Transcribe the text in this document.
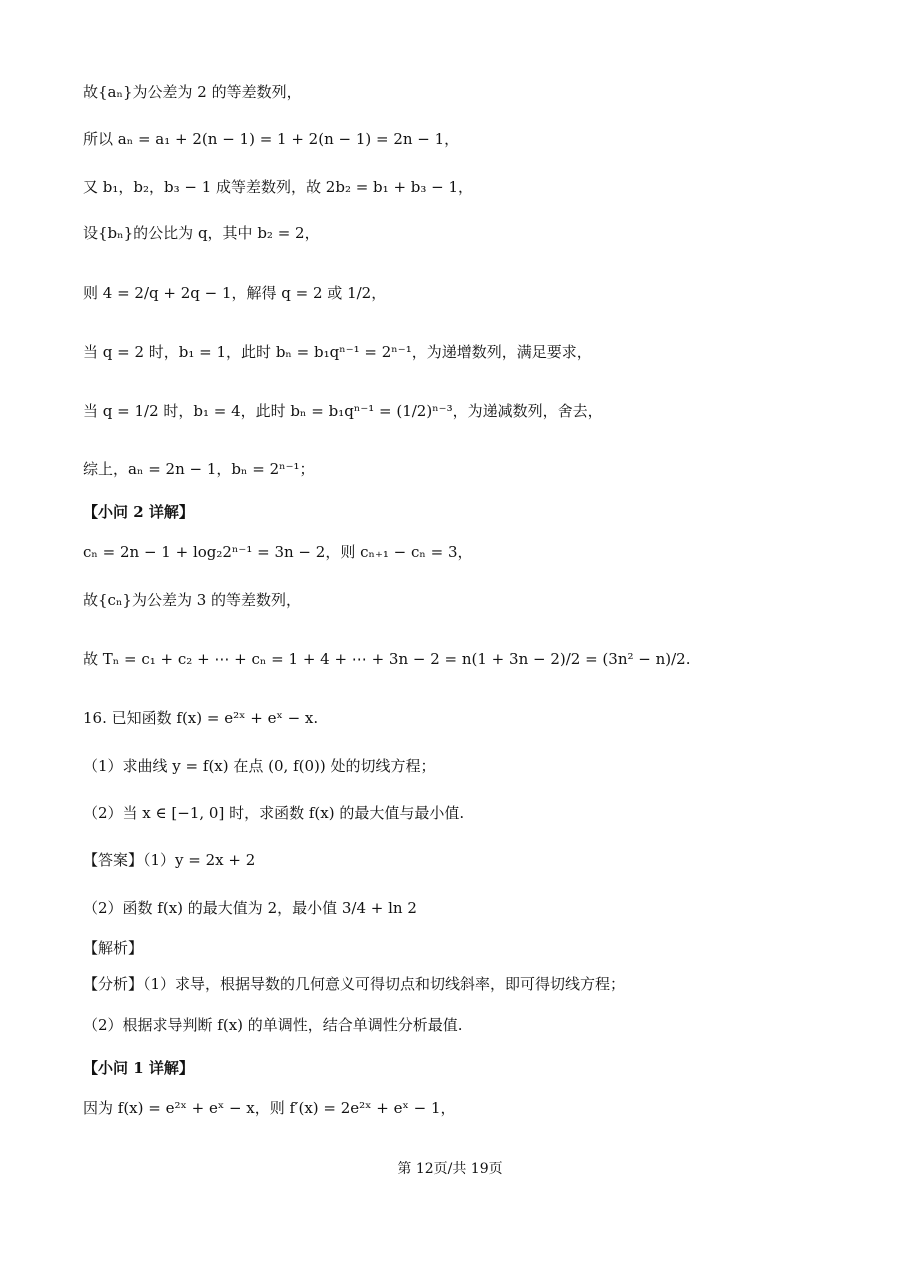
故{aₙ}为公差为 2 的等差数列，
所以 aₙ = a₁ + 2(n − 1) = 1 + 2(n − 1) = 2n − 1，
又 b₁，b₂，b₃ − 1 成等差数列，故 2b₂ = b₁ + b₃ − 1，
设{bₙ}的公比为 q，其中 b₂ = 2，
则 4 = 2/q + 2q − 1，解得 q = 2 或 1/2，
当 q = 2 时，b₁ = 1，此时 bₙ = b₁qⁿ⁻¹ = 2ⁿ⁻¹，为递增数列，满足要求，
当 q = 1/2 时，b₁ = 4，此时 bₙ = b₁qⁿ⁻¹ = (1/2)ⁿ⁻³，为递减数列，舍去，
综上，aₙ = 2n − 1，bₙ = 2ⁿ⁻¹；
【小问 2 详解】
cₙ = 2n − 1 + log₂2ⁿ⁻¹ = 3n − 2，则 cₙ₊₁ − cₙ = 3，
故{cₙ}为公差为 3 的等差数列，
故 Tₙ = c₁ + c₂ + ⋯ + cₙ = 1 + 4 + ⋯ + 3n − 2 = n(1 + 3n − 2)/2 = (3n² − n)/2.
16. 已知函数 f(x) = e²ˣ + eˣ − x.
（1）求曲线 y = f(x) 在点 (0, f(0)) 处的切线方程；
（2）当 x ∈ [−1, 0] 时，求函数 f(x) 的最大值与最小值.
【答案】（1）y = 2x + 2
（2）函数 f(x) 的最大值为 2，最小值 3/4 + ln 2
【解析】
【分析】（1）求导，根据导数的几何意义可得切点和切线斜率，即可得切线方程；
（2）根据求导判断 f(x) 的单调性，结合单调性分析最值.
【小问 1 详解】
因为 f(x) = e²ˣ + eˣ − x，则 f′(x) = 2e²ˣ + eˣ − 1，
第 12页/共 19页
